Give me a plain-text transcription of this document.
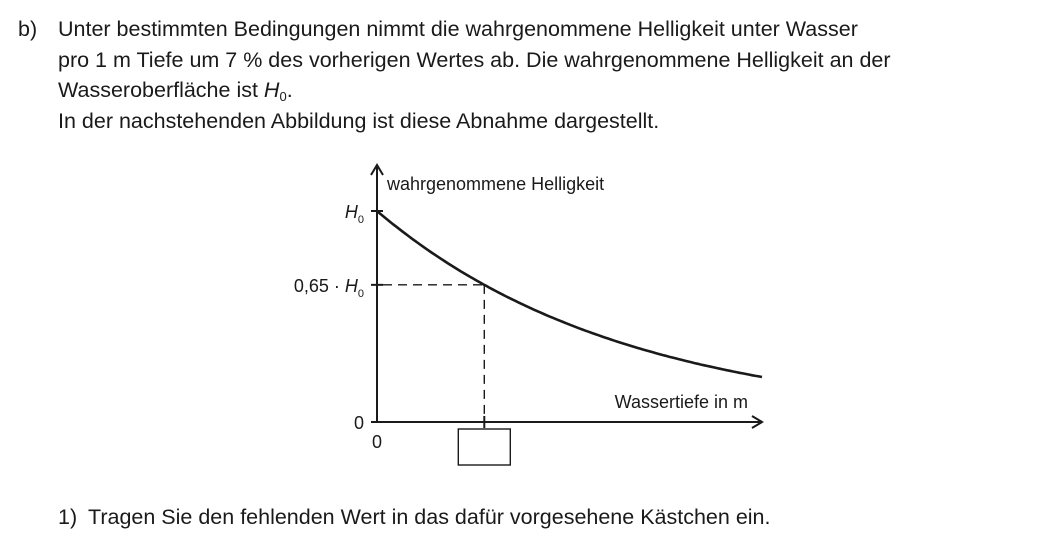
b) Unter bestimmten Bedingungen nimmt die wahrgenommene Helligkeit unter Wasser
pro 1 m Tiefe um 7 % des vorherigen Wertes ab. Die wahrgenommene Helligkeit an der
Wasseroberfläche ist $H_0$.
In der nachstehenden Abbildung ist diese Abnahme dargestellt.
wahrgenommene Helligkeit
Wassertiefe in m
$H_0$
$0,65 \cdot H_0$
0
0
1) Tragen Sie den fehlenden Wert in das dafür vorgesehene Kästchen ein.
